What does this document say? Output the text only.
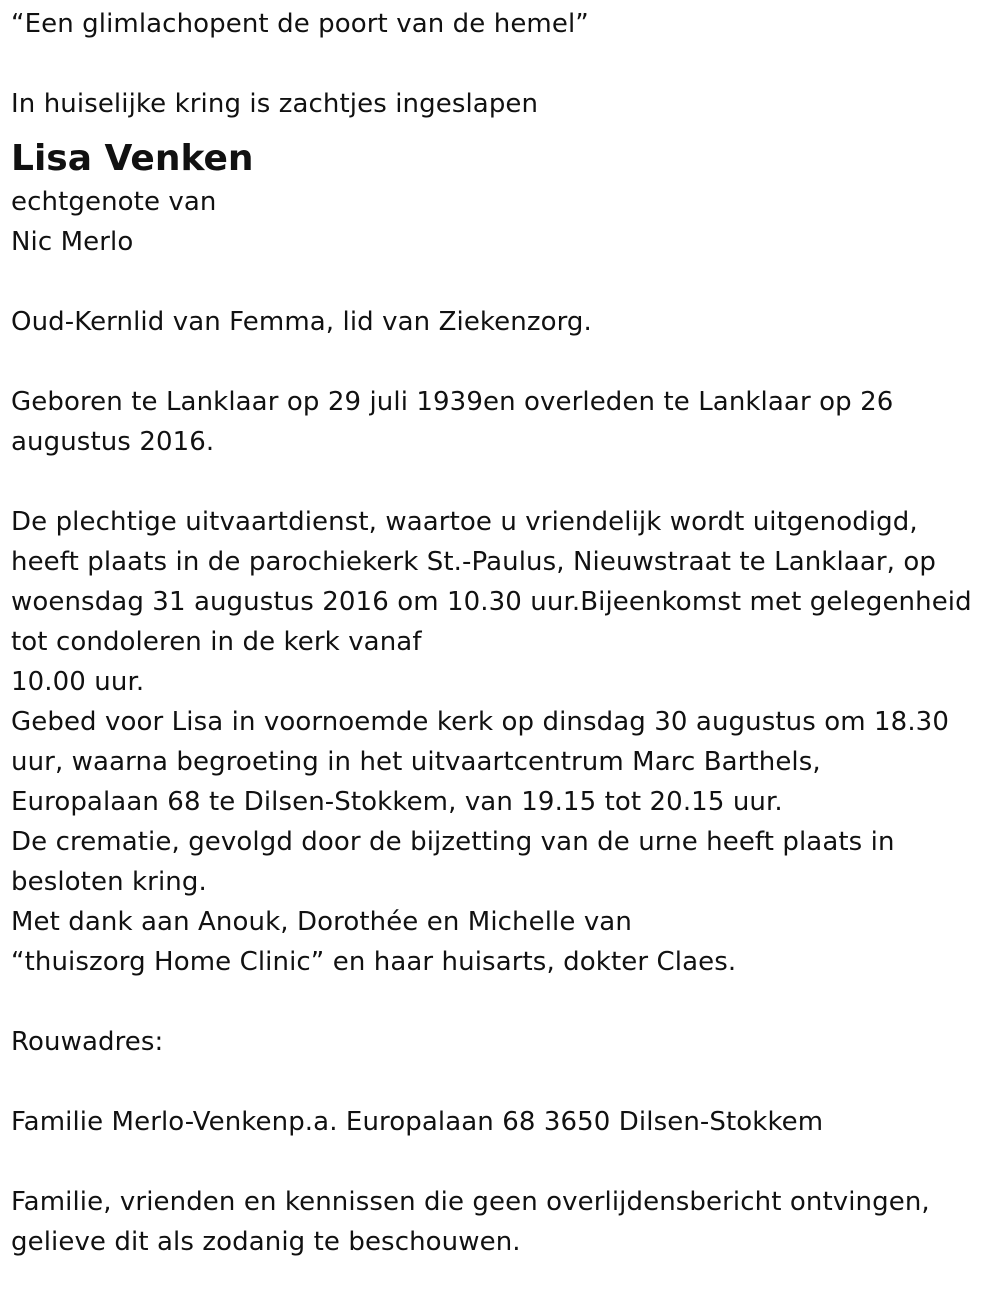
“Een glimlachopent de poort van de hemel”
In huiselijke kring is zachtjes ingeslapen
Lisa Venken
echtgenote van
Nic Merlo
Oud-Kernlid van Femma, lid van Ziekenzorg.
Geboren te Lanklaar op 29 juli 1939en overleden te Lanklaar op 26
augustus 2016.
De plechtige uitvaartdienst, waartoe u vriendelijk wordt uitgenodigd,
heeft plaats in de parochiekerk St.-Paulus, Nieuwstraat te Lanklaar, op
woensdag 31 augustus 2016 om 10.30 uur.Bijeenkomst met gelegenheid
tot condoleren in de kerk vanaf
10.00 uur.
Gebed voor Lisa in voornoemde kerk op dinsdag 30 augustus om 18.30
uur, waarna begroeting in het uitvaartcentrum Marc Barthels,
Europalaan 68 te Dilsen-Stokkem, van 19.15 tot 20.15 uur.
De crematie, gevolgd door de bijzetting van de urne heeft plaats in
besloten kring.
Met dank aan Anouk, Dorothée en Michelle van
“thuiszorg Home Clinic” en haar huisarts, dokter Claes.
Rouwadres:
Familie Merlo-Venkenp.a. Europalaan 68 3650 Dilsen-Stokkem
Familie, vrienden en kennissen die geen overlijdensbericht ontvingen,
gelieve dit als zodanig te beschouwen.
